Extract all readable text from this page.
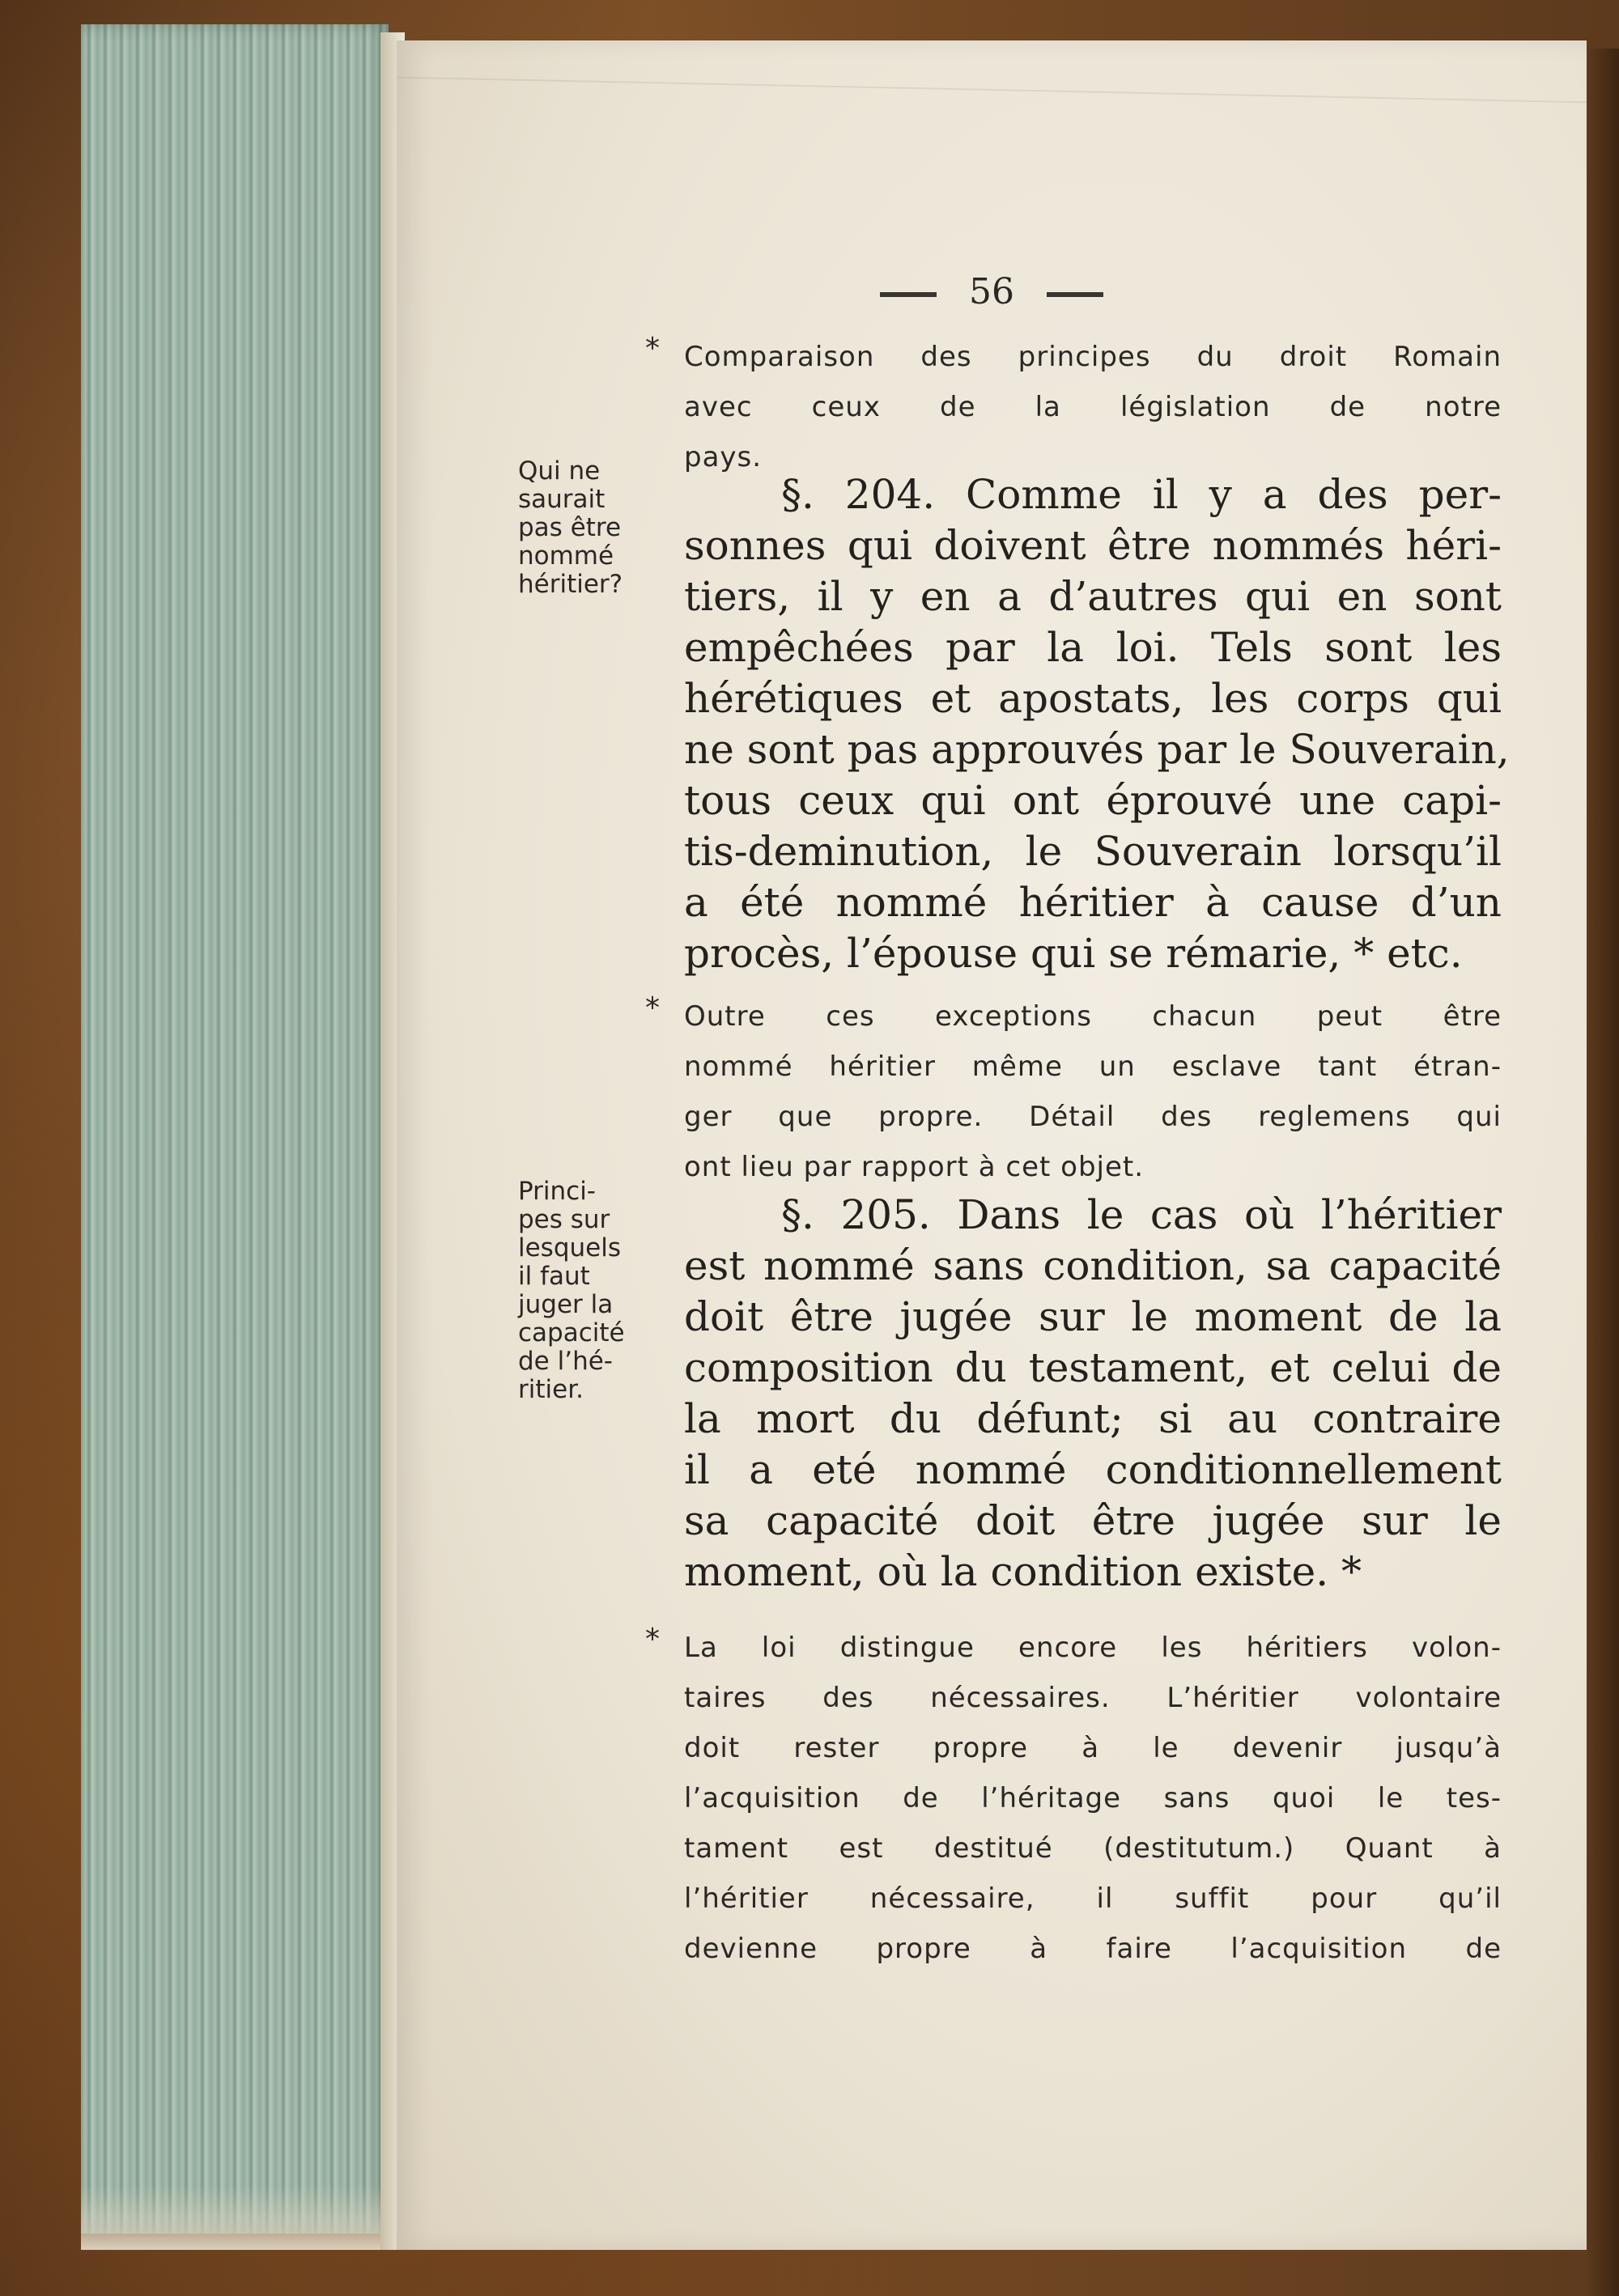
56
* Comparaison des principes du droit Romain
avec ceux de la législation de notre
pays.
Qui ne
saurait
pas être
nommé
héritier?
§. 204. Comme il y a des per-
sonnes qui doivent être nommés héri-
tiers, il y en a d’autres qui en sont
empêchées par la loi. Tels sont les
hérétiques et apostats, les corps qui
ne sont pas approuvés par le Souverain,
tous ceux qui ont éprouvé une capi-
tis-deminution, le Souverain lorsqu’il
a été nommé héritier à cause d’un
procès, l’épouse qui se rémarie, * etc.
* Outre ces exceptions chacun peut être
nommé héritier même un esclave tant étran-
ger que propre. Détail des reglemens qui
ont lieu par rapport à cet objet.
Princi-
pes sur
lesquels
il faut
juger la
capacité
de l’hé-
ritier.
§. 205. Dans le cas où l’héritier
est nommé sans condition, sa capacité
doit être jugée sur le moment de la
composition du testament, et celui de
la mort du défunt; si au contraire
il a eté nommé conditionnellement
sa capacité doit être jugée sur le
moment, où la condition existe. *
* La loi distingue encore les héritiers volon-
taires des nécessaires. L’héritier volontaire
doit rester propre à le devenir jusqu’à
l’acquisition de l’héritage sans quoi le tes-
tament est destitué (destitutum.) Quant à
l’héritier nécessaire, il suffit pour qu’il
devienne propre à faire l’acquisition de
